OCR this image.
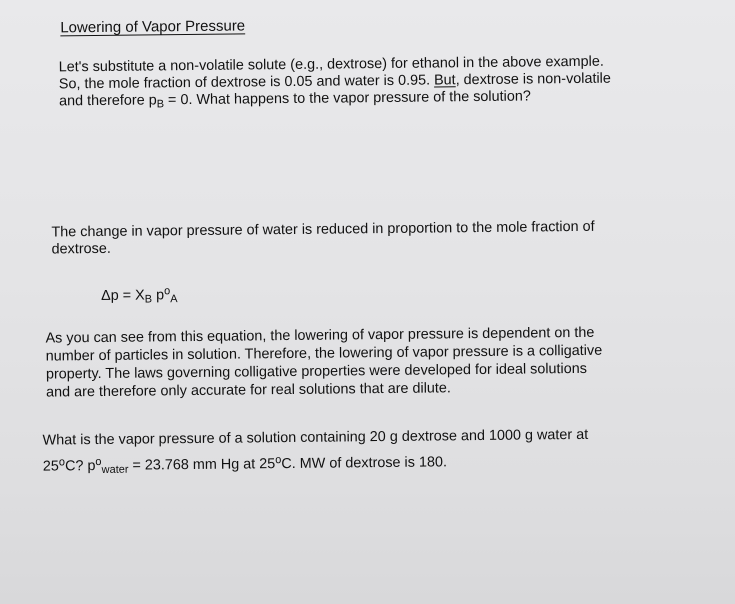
Lowering of Vapor Pressure
Let's substitute a non-volatile solute (e.g., dextrose) for ethanol in the above example.
So, the mole fraction of dextrose is 0.05 and water is 0.95. But, dextrose is non-volatile
and therefore $p_B = 0$. What happens to the vapor pressure of the solution?
The change in vapor pressure of water is reduced in proportion to the mole fraction of
dextrose.
$\Delta p = X_B$ $p^o_A$
As you can see from this equation, the lowering of vapor pressure is dependent on the
number of particles in solution. Therefore, the lowering of vapor pressure is a colligative
property. The laws governing colligative properties were developed for ideal solutions
and are therefore only accurate for real solutions that are dilute.
What is the vapor pressure of a solution containing 20 g dextrose and 1000 g water at
25$^o$C? $p^o_{water} = 23.768$ mm Hg at 25$^o$C. MW of dextrose is 180.
